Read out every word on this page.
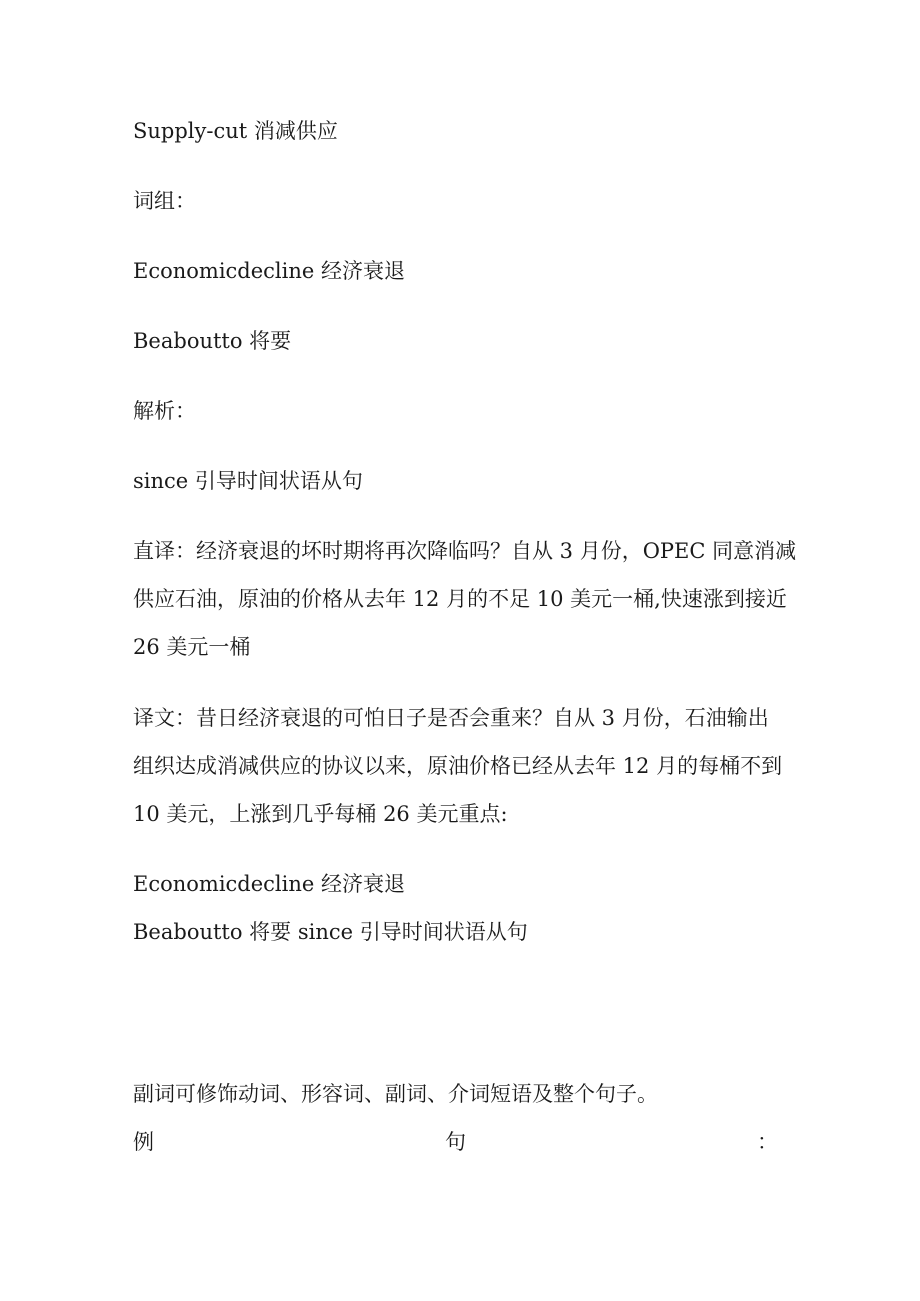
Supply-cut 消减供应
词组：
Economicdecline 经济衰退
Beaboutto 将要
解析：
since 引导时间状语从句
直译：经济衰退的坏时期将再次降临吗？自从 3 月份，OPEC 同意消减
供应石油，原油的价格从去年 12 月的不足 10 美元一桶,快速涨到接近
26 美元一桶
译文：昔日经济衰退的可怕日子是否会重来？自从 3 月份，石油输出
组织达成消减供应的协议以来，原油价格已经从去年 12 月的每桶不到
10 美元，上涨到几乎每桶 26 美元重点:
Economicdecline 经济衰退
Beaboutto 将要 since 引导时间状语从句
副词可修饰动词、形容词、副词、介词短语及整个句子。
例	句	：
